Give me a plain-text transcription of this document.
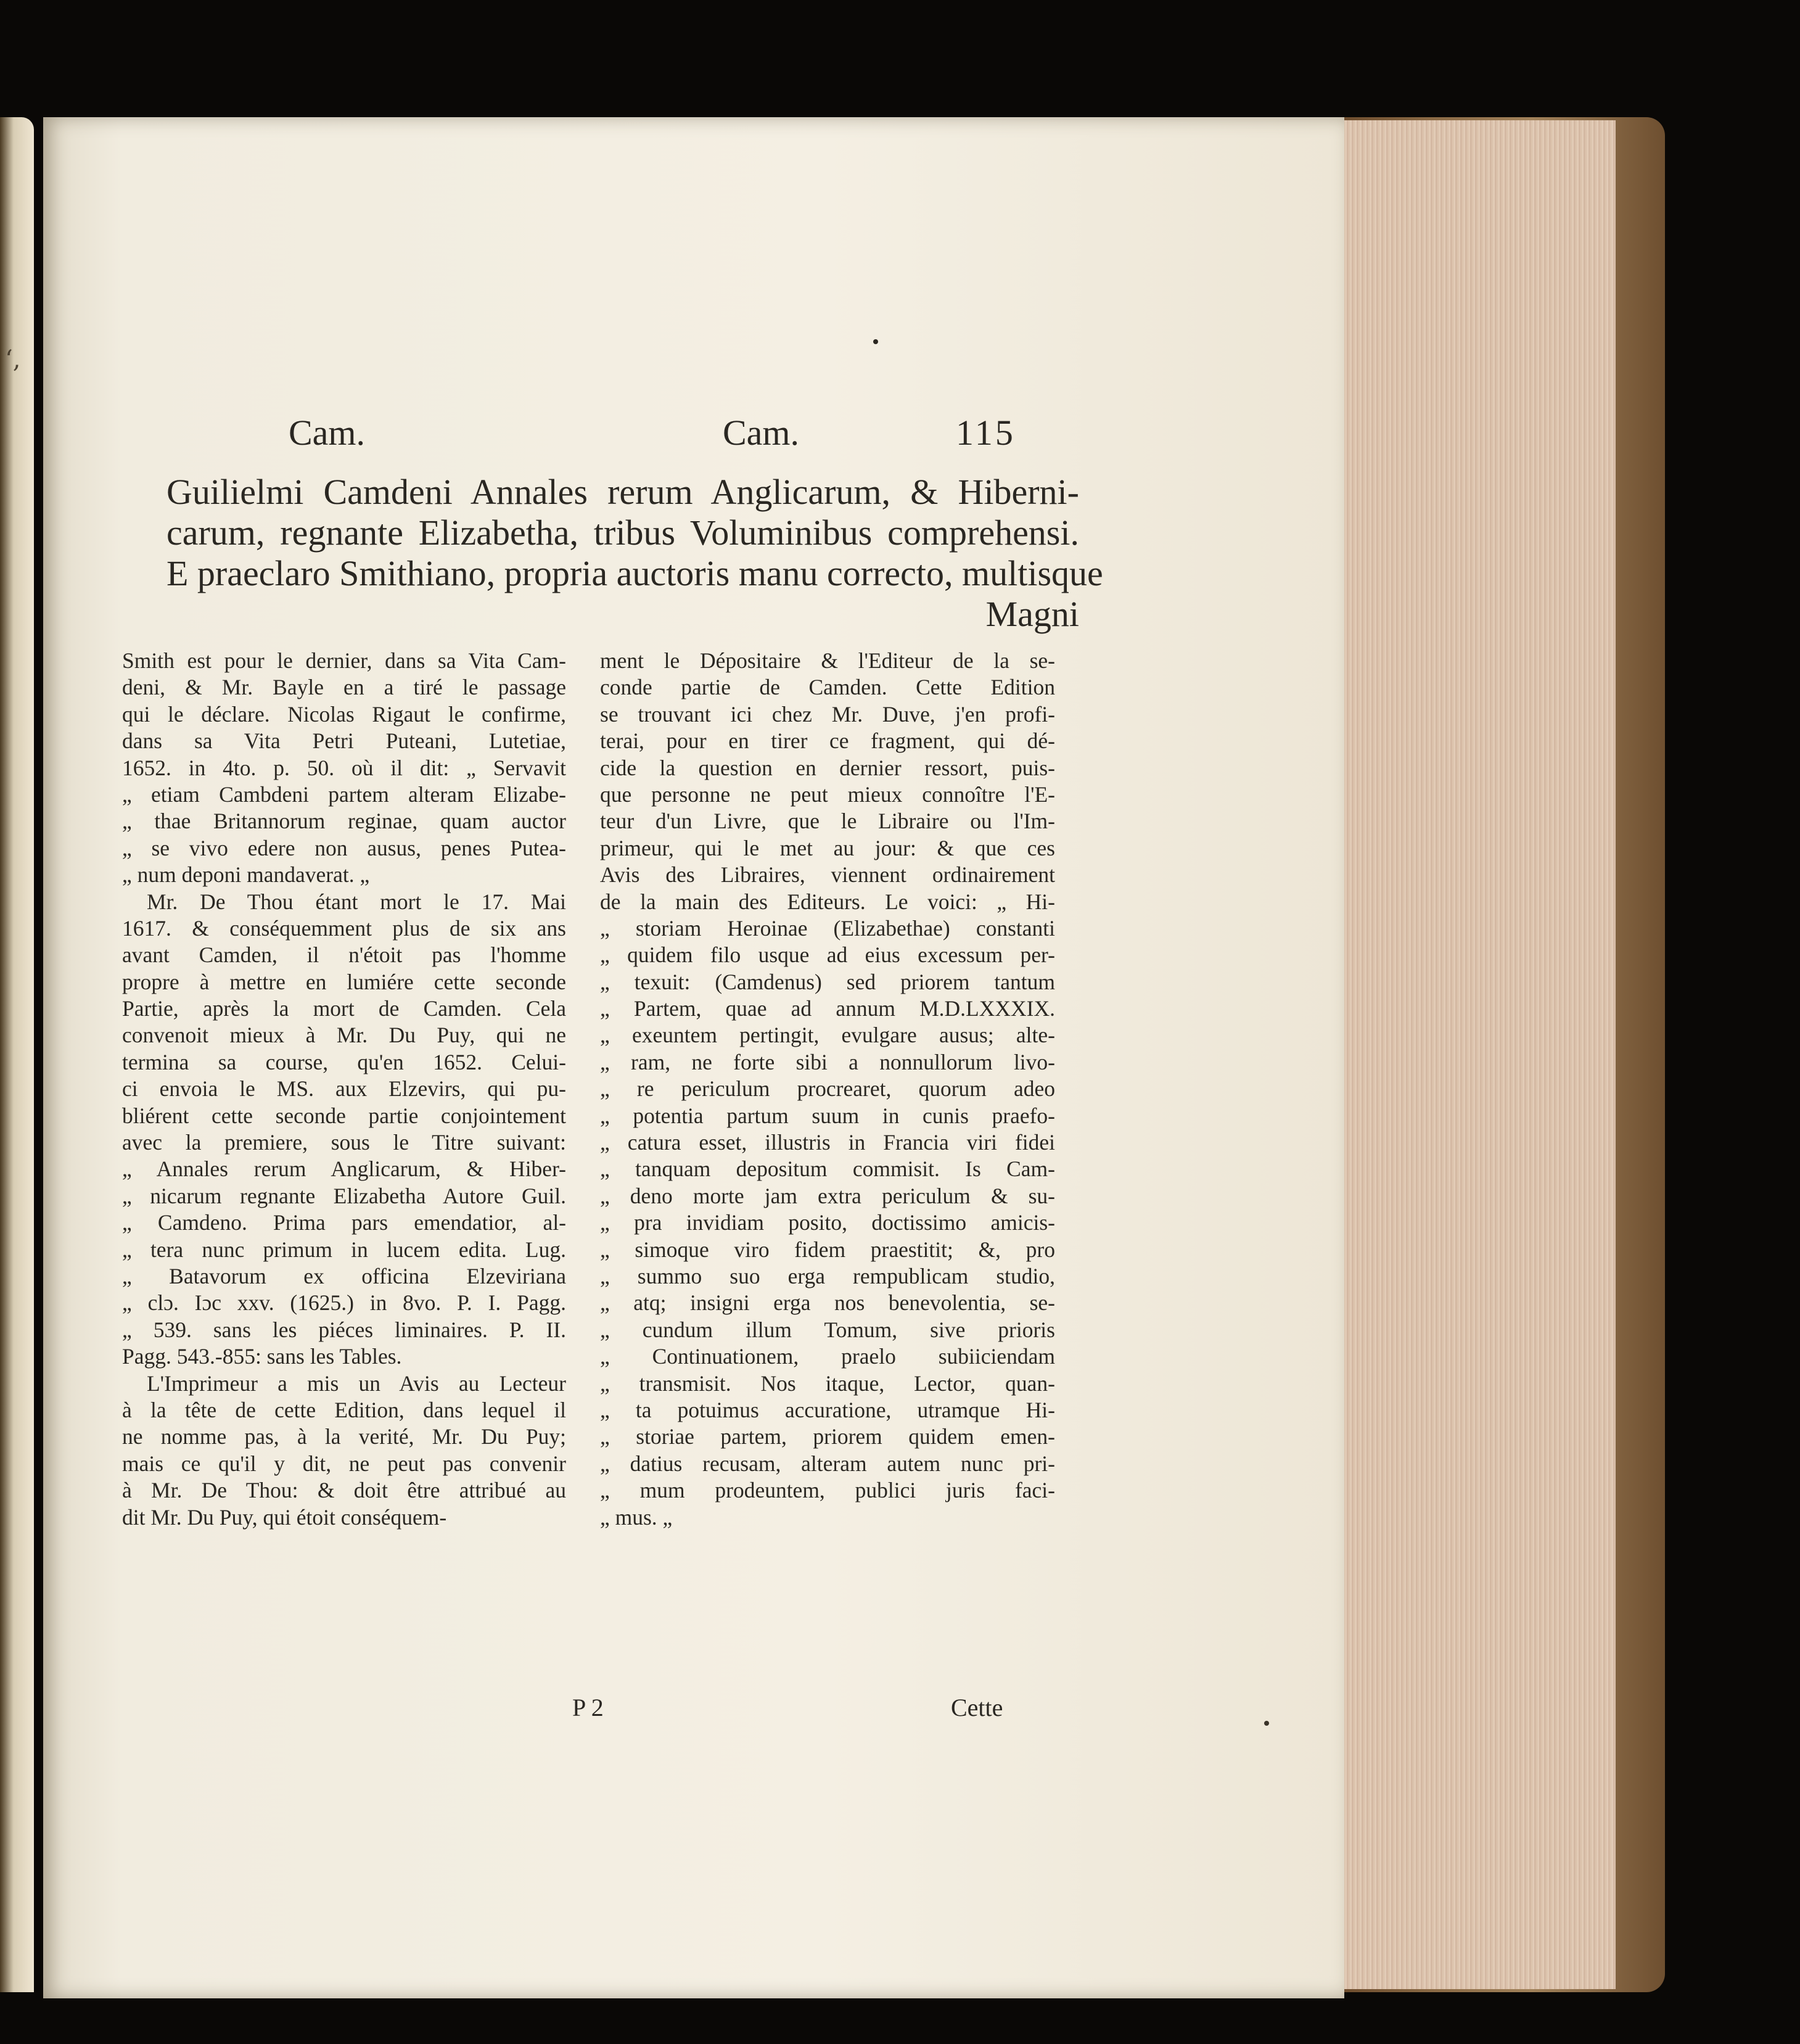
ʻ,
Cam.	Cam.	115
Guilielmi Camdeni Annales rerum Anglicarum, & Hiberni-
carum, regnante Elizabetha, tribus Voluminibus comprehensi.
E praeclaro Smithiano, propria auctoris manu correcto, multisque
Magni
Smith est pour le dernier, dans sa Vita Cam-
deni, & Mr. Bayle en a tiré le passage
qui le déclare. Nicolas Rigaut le confirme,
dans sa Vita Petri Puteani, Lutetiae,
1652. in 4to. p. 50. où il dit: „ Servavit
„ etiam Cambdeni partem alteram Elizabe-
„ thae Britannorum reginae, quam auctor
„ se vivo edere non ausus, penes Putea-
„ num deponi mandaverat. „
Mr. De Thou étant mort le 17. Mai
1617. & conséquemment plus de six ans
avant Camden, il n'étoit pas l'homme
propre à mettre en lumiére cette seconde
Partie, après la mort de Camden. Cela
convenoit mieux à Mr. Du Puy, qui ne
termina sa course, qu'en 1652. Celui-
ci envoia le MS. aux Elzevirs, qui pu-
bliérent cette seconde partie conjointement
avec la premiere, sous le Titre suivant:
„ Annales rerum Anglicarum, & Hiber-
„ nicarum regnante Elizabetha Autore Guil.
„ Camdeno. Prima pars emendatior, al-
„ tera nunc primum in lucem edita. Lug.
„ Batavorum ex officina Elzeviriana
„ clɔ. Iɔc xxv. (1625.) in 8vo. P. I. Pagg.
„ 539. sans les piéces liminaires. P. II.
Pagg. 543.-855: sans les Tables.
L'Imprimeur a mis un Avis au Lecteur
à la tête de cette Edition, dans lequel il
ne nomme pas, à la verité, Mr. Du Puy;
mais ce qu'il y dit, ne peut pas convenir
à Mr. De Thou: & doit être attribué au
dit Mr. Du Puy, qui étoit conséquem-
ment le Dépositaire & l'Editeur de la se-
conde partie de Camden. Cette Edition
se trouvant ici chez Mr. Duve, j'en profi-
terai, pour en tirer ce fragment, qui dé-
cide la question en dernier ressort, puis-
que personne ne peut mieux connoître l'E-
teur d'un Livre, que le Libraire ou l'Im-
primeur, qui le met au jour: & que ces
Avis des Libraires, viennent ordinairement
de la main des Editeurs. Le voici: „ Hi-
„ storiam Heroinae (Elizabethae) constanti
„ quidem filo usque ad eius excessum per-
„ texuit: (Camdenus) sed priorem tantum
„ Partem, quae ad annum M.D.LXXXIX.
„ exeuntem pertingit, evulgare ausus; alte-
„ ram, ne forte sibi a nonnullorum livo-
„ re periculum procrearet, quorum adeo
„ potentia partum suum in cunis praefo-
„ catura esset, illustris in Francia viri fidei
„ tanquam depositum commisit. Is Cam-
„ deno morte jam extra periculum & su-
„ pra invidiam posito, doctissimo amicis-
„ simoque viro fidem praestitit; &, pro
„ summo suo erga rempublicam studio,
„ atq; insigni erga nos benevolentia, se-
„ cundum illum Tomum, sive prioris
„ Continuationem, praelo subiiciendam
„ transmisit. Nos itaque, Lector, quan-
„ ta potuimus accuratione, utramque Hi-
„ storiae partem, priorem quidem emen-
„ datius recusam, alteram autem nunc pri-
„ mum prodeuntem, publici juris faci-
„ mus. „
P 2	Cette
